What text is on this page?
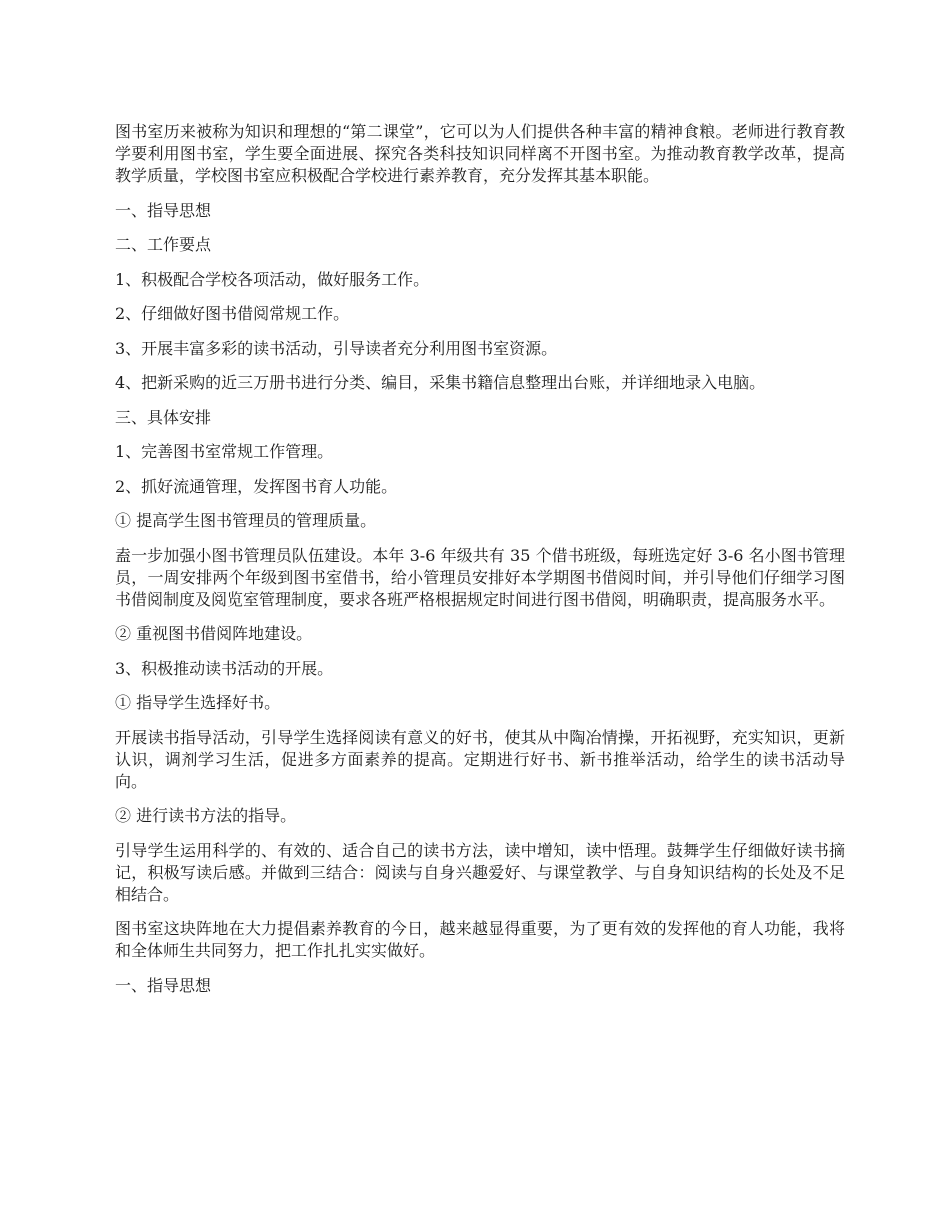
图书室历来被称为知识和理想的“第二课堂”，它可以为人们提供各种丰富的精神食粮。老师进行教育教学要利用图书室，学生要全面进展、探究各类科技知识同样离不开图书室。为推动教育教学改革，提高教学质量，学校图书室应积极配合学校进行素养教育，充分发挥其基本职能。

一、指导思想

二、工作要点

1、积极配合学校各项活动，做好服务工作。

2、仔细做好图书借阅常规工作。

3、开展丰富多彩的读书活动，引导读者充分利用图书室资源。

4、把新采购的近三万册书进行分类、编目，采集书籍信息整理出台账，并详细地录入电脑。

三、具体安排

1、完善图书室常规工作管理。

2、抓好流通管理，发挥图书育人功能。

① 提高学生图书管理员的管理质量。

盍一步加强小图书管理员队伍建设。本年 3-6 年级共有 35 个借书班级，每班选定好 3-6 名小图书管理员，一周安排两个年级到图书室借书，给小管理员安排好本学期图书借阅时间，并引导他们仔细学习图书借阅制度及阅览室管理制度，要求各班严格根据规定时间进行图书借阅，明确职责，提高服务水平。

② 重视图书借阅阵地建设。

3、积极推动读书活动的开展。

① 指导学生选择好书。

开展读书指导活动，引导学生选择阅读有意义的好书，使其从中陶冶情操，开拓视野，充实知识，更新认识，调剂学习生活，促进多方面素养的提高。定期进行好书、新书推举活动，给学生的读书活动导向。

② 进行读书方法的指导。

引导学生运用科学的、有效的、适合自己的读书方法，读中增知，读中悟理。鼓舞学生仔细做好读书摘记，积极写读后感。并做到三结合：阅读与自身兴趣爱好、与课堂教学、与自身知识结构的长处及不足相结合。

图书室这块阵地在大力提倡素养教育的今日，越来越显得重要，为了更有效的发挥他的育人功能，我将和全体师生共同努力，把工作扎扎实实做好。

一、指导思想
